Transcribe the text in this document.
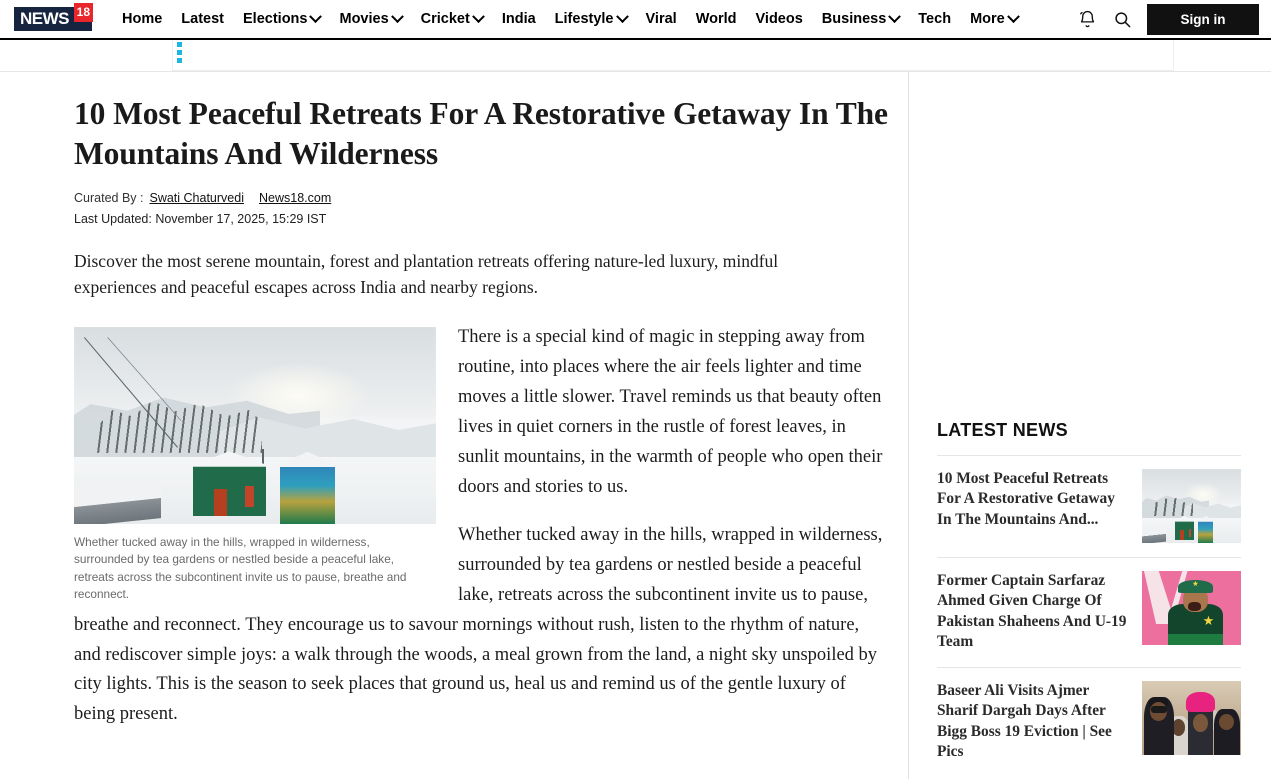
NEWS 18 Home Latest Elections Movies Cricket India Lifestyle Viral World Videos Business Tech More	Sign in
10 Most Peaceful Retreats For A Restorative Getaway In The Mountains And Wilderness
Curated By : Swati Chaturvedi News18.com
Last Updated: November 17, 2025, 15:29 IST

Discover the most serene mountain, forest and plantation retreats offering nature-led luxury, mindful experiences and peaceful escapes across India and nearby regions.

Whether tucked away in the hills, wrapped in wilderness, surrounded by tea gardens or nestled beside a peaceful lake, retreats across the subcontinent invite us to pause, breathe and reconnect.

There is a special kind of magic in stepping away from routine, into places where the air feels lighter and time moves a little slower. Travel reminds us that beauty often lives in quiet corners in the rustle of forest leaves, in sunlit mountains, in the warmth of people who open their doors and stories to us.

Whether tucked away in the hills, wrapped in wilderness, surrounded by tea gardens or nestled beside a peaceful lake, retreats across the subcontinent invite us to pause, breathe and reconnect. They encourage us to savour mornings without rush, listen to the rhythm of nature, and rediscover simple joys: a walk through the woods, a meal grown from the land, a night sky unspoiled by city lights. This is the season to seek places that ground us, heal us and remind us of the gentle luxury of being present.

LATEST NEWS
10 Most Peaceful Retreats For A Restorative Getaway In The Mountains And...
Former Captain Sarfaraz Ahmed Given Charge Of Pakistan Shaheens And U-19 Team
★
Baseer Ali Visits Ajmer Sharif Dargah Days After Bigg Boss 19 Eviction | See Pics
